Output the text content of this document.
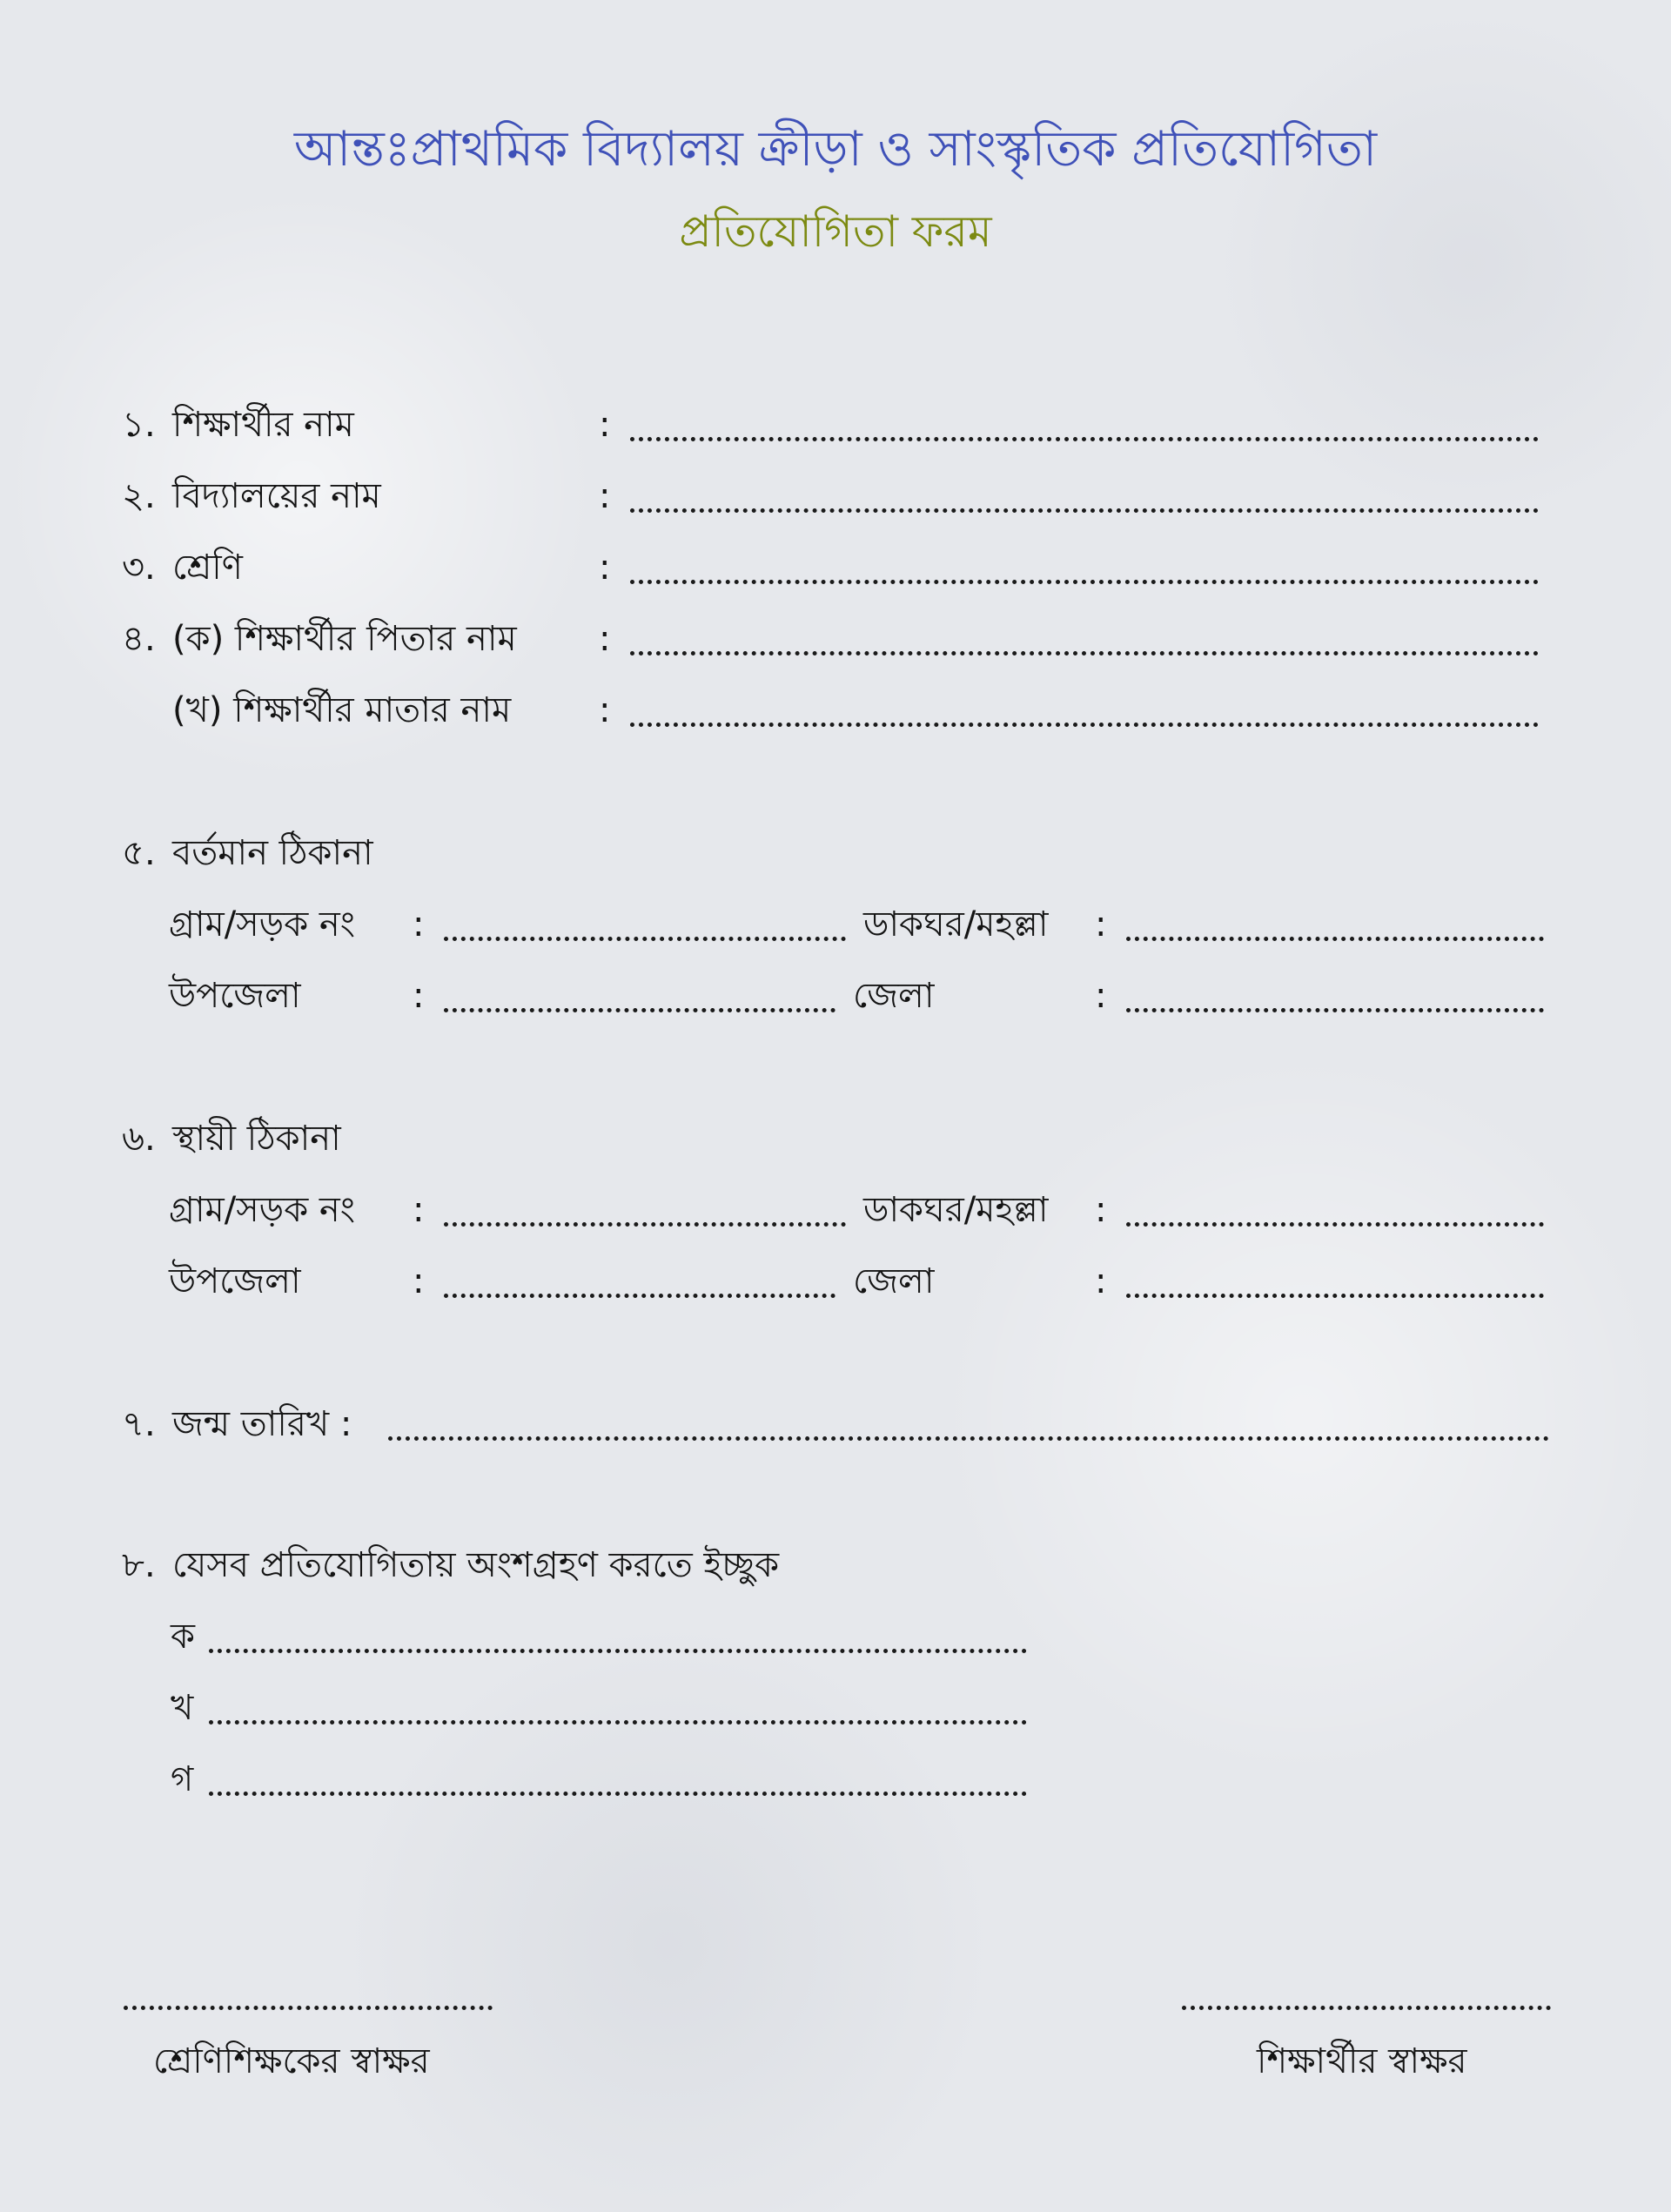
আন্তঃপ্রাথমিক বিদ্যালয় ক্রীড়া ও সাংস্কৃতিক প্রতিযোগিতা
প্রতিযোগিতা ফরম
১. শিক্ষার্থীর নাম	:
২. বিদ্যালয়ের নাম	:
৩. শ্রেণি	:
৪. (ক) শিক্ষার্থীর পিতার নাম :
(খ) শিক্ষার্থীর মাতার নাম	:
৫. বর্তমান ঠিকানা
গ্রাম/সড়ক নং :	ডাকঘর/মহল্লা :
উপজেলা	:	জেলা	:
৬. স্থায়ী ঠিকানা
গ্রাম/সড়ক নং :	ডাকঘর/মহল্লা :
উপজেলা	:	জেলা	:
৭. জন্ম তারিখ :
৮. যেসব প্রতিযোগিতায় অংশগ্রহণ করতে ইচ্ছুক
ক
খ
গ
শ্রেণিশিক্ষকের স্বাক্ষর	শিক্ষার্থীর স্বাক্ষর
